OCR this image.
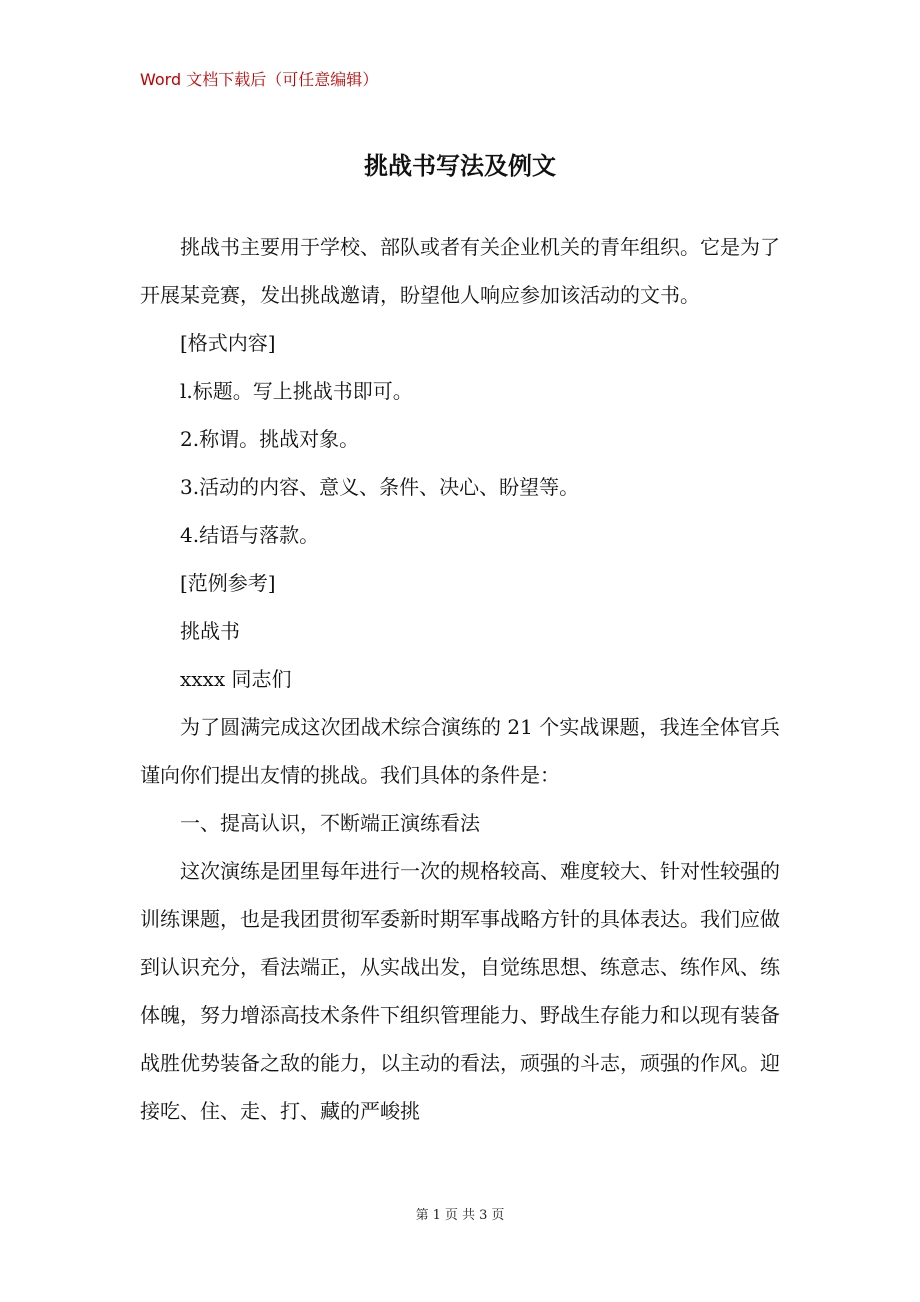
Word 文档下载后（可任意编辑）
挑战书写法及例文

挑战书主要用于学校、部队或者有关企业机关的青年组织。它是为了开展某竞赛，发出挑战邀请，盼望他人响应参加该活动的文书。

[格式内容]

l.标题。写上挑战书即可。

2.称谓。挑战对象。

3.活动的内容、意义、条件、决心、盼望等。

4.结语与落款。

[范例参考]

挑战书

xxxx 同志们

为了圆满完成这次团战术综合演练的 21 个实战课题，我连全体官兵谨向你们提出友情的挑战。我们具体的条件是：

一、提高认识，不断端正演练看法

这次演练是团里每年进行一次的规格较高、难度较大、针对性较强的训练课题，也是我团贯彻军委新时期军事战略方针的具体表达。我们应做到认识充分，看法端正，从实战出发，自觉练思想、练意志、练作风、练体魄，努力增添高技术条件下组织管理能力、野战生存能力和以现有装备战胜优势装备之敌的能力，以主动的看法，顽强的斗志，顽强的作风。迎接吃、住、走、打、藏的严峻挑

第 1 页 共 3 页
